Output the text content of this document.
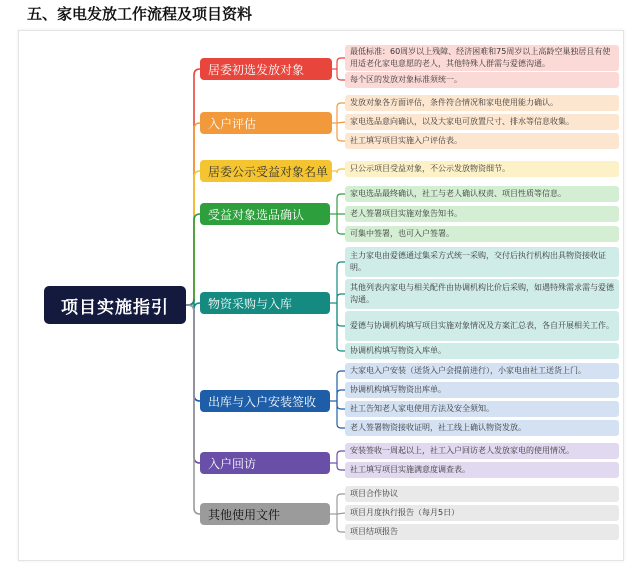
五、家电发放工作流程及项目资料
项目实施指引
居委初选发放对象
最低标准：60周岁以上残障、经济困难和75周岁以上高龄空巢独居且有使用适老化家电意愿的老人，其他特殊人群需与爱德沟通。
每个区的发放对象标准须统一。
入户评估
发放对象各方面评估，条件符合情况和家电使用能力确认。
家电选品意向确认，以及大家电可放置尺寸、排水等信息收集。
社工填写项目实施入户评估表。
居委公示受益对象名单	只公示项目受益对象，不公示发放物资细节。
受益对象选品确认
家电选品最终确认，社工与老人确认权责、项目性质等信息。
老人签署项目实施对象告知书。
可集中签署，也可入户签署。
物资采购与入库
主力家电由爱德通过集采方式统一采购，交付后执行机构出具物资接收证明。
其他列表内家电与相关配件由协调机构比价后采购，如遇特殊需求需与爱德沟通。
爱德与协调机构填写项目实施对象情况及方案汇总表，各自开展相关工作。
协调机构填写物资入库单。
出库与入户安装签收
大家电入户安装（送货入户会提前进行），小家电由社工送货上门。
协调机构填写物资出库单。
社工告知老人家电使用方法及安全须知。
老人签署物资接收证明，社工线上确认物资发放。
入户回访
安装签收一周起以上，社工入户回访老人发放家电的使用情况。
社工填写项目实施满意度调查表。
其他使用文件
项目合作协议
项目月度执行报告（每月5日）
项目结项报告
